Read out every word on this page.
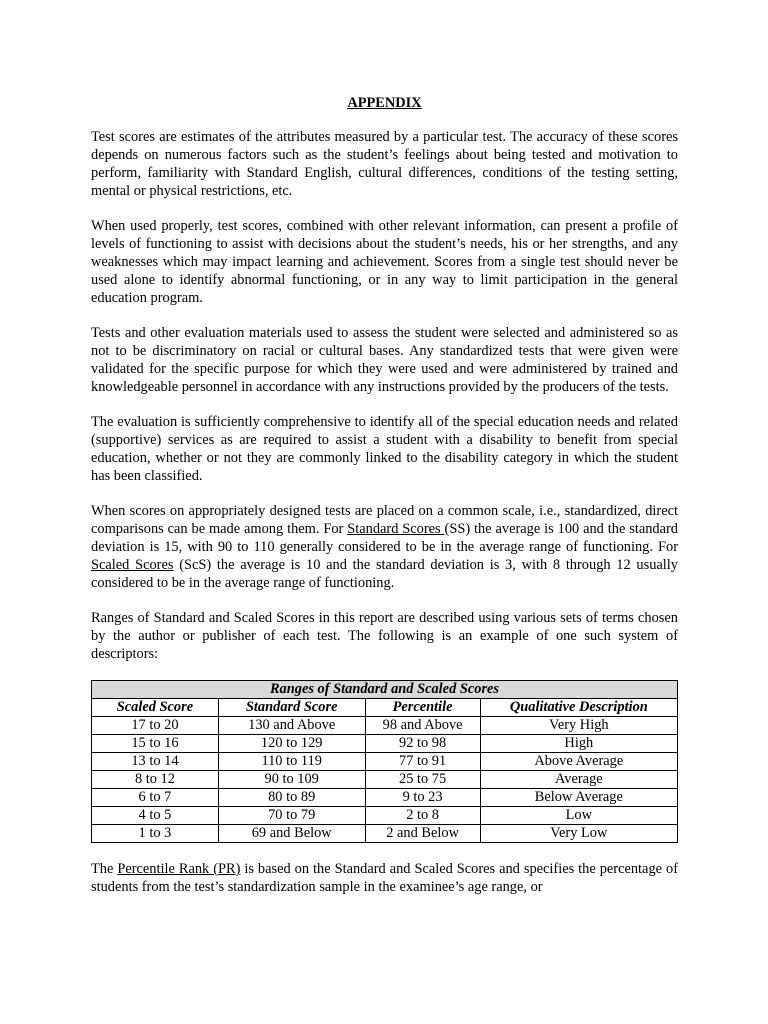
APPENDIX

Test scores are estimates of the attributes measured by a particular test. The accuracy of these scores depends on numerous factors such as the student’s feelings about being tested and motivation to perform, familiarity with Standard English, cultural differences, conditions of the testing setting, mental or physical restrictions, etc.

When used properly, test scores, combined with other relevant information, can present a profile of levels of functioning to assist with decisions about the student’s needs, his or her strengths, and any weaknesses which may impact learning and achievement. Scores from a single test should never be used alone to identify abnormal functioning, or in any way to limit participation in the general education program.

Tests and other evaluation materials used to assess the student were selected and administered so as not to be discriminatory on racial or cultural bases. Any standardized tests that were given were validated for the specific purpose for which they were used and were administered by trained and knowledgeable personnel in accordance with any instructions provided by the producers of the tests.

The evaluation is sufficiently comprehensive to identify all of the special education needs and related (supportive) services as are required to assist a student with a disability to benefit from special education, whether or not they are commonly linked to the disability category in which the student has been classified.

When scores on appropriately designed tests are placed on a common scale, i.e., standardized, direct comparisons can be made among them. For Standard Scores (SS) the average is 100 and the standard deviation is 15, with 90 to 110 generally considered to be in the average range of functioning. For Scaled Scores (ScS) the average is 10 and the standard deviation is 3, with 8 through 12 usually considered to be in the average range of functioning.

Ranges of Standard and Scaled Scores in this report are described using various sets of terms chosen by the author or publisher of each test. The following is an example of one such system of descriptors:

Ranges of Standard and Scaled Scores			
Scaled Score	Standard Score	Percentile	Qualitative Description
17 to 20	130 and Above	98 and Above	Very High
15 to 16	120 to 129	92 to 98	High
13 to 14	110 to 119	77 to 91	Above Average
8 to 12	90 to 109	25 to 75	Average
6 to 7	80 to 89	9 to 23	Below Average
4 to 5	70 to 79	2 to 8	Low
1 to 3	69 and Below	2 and Below	Very Low

The Percentile Rank (PR) is based on the Standard and Scaled Scores and specifies the percentage of students from the test’s standardization sample in the examinee’s age range, or
